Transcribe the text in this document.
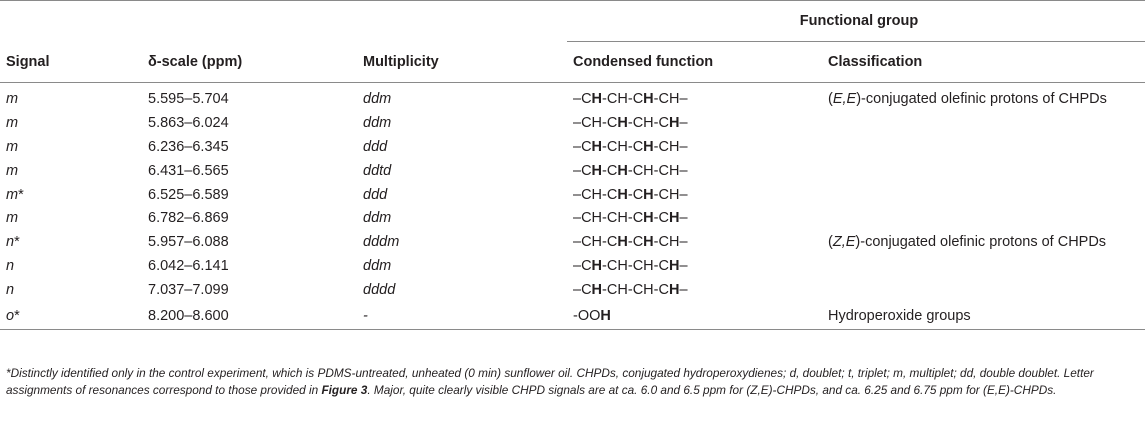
			Functional group	
Signal	δ-scale (ppm)	Multiplicity	Condensed function	Classification
m	5.595–5.704	ddm	–CH-CH-CH-CH–	(E,E)-conjugated olefinic protons of CHPDs
m	5.863–6.024	ddm	–CH-CH-CH-CH–	
m	6.236–6.345	ddd	–CH-CH-CH-CH–	
m	6.431–6.565	ddtd	–CH-CH-CH-CH–	
m*	6.525–6.589	ddd	–CH-CH-CH-CH–	
m	6.782–6.869	ddm	–CH-CH-CH-CH–	
n*	5.957–6.088	dddm	–CH-CH-CH-CH–	(Z,E)-conjugated olefinic protons of CHPDs
n	6.042–6.141	ddm	–CH-CH-CH-CH–	
n	7.037–7.099	dddd	–CH-CH-CH-CH–	
o*	8.200–8.600	-	-OOH	Hydroperoxide groups
*Distinctly identified only in the control experiment, which is PDMS-untreated, unheated (0 min) sunflower oil. CHPDs, conjugated hydroperoxydienes; d, doublet; t, triplet; m, multiplet; dd, double doublet. Letter assignments of resonances correspond to those provided in Figure 3. Major, quite clearly visible CHPD signals are at ca. 6.0 and 6.5 ppm for (Z,E)-CHPDs, and ca. 6.25 and 6.75 ppm for (E,E)-CHPDs.
